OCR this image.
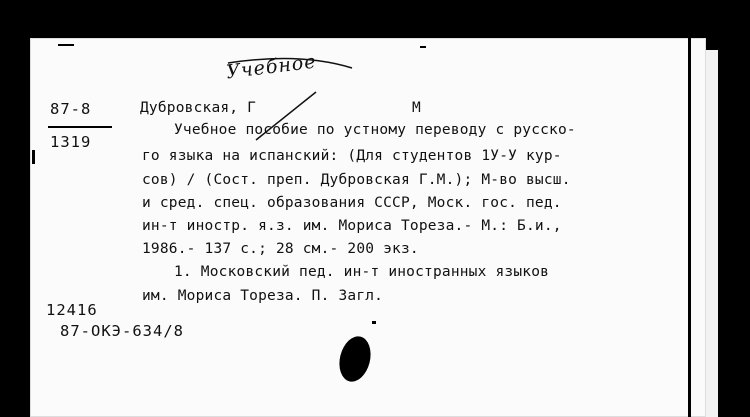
Учебное
87-8
1319
Дубровская, Г	М
Учебное пособие по устному переводу с русско-
го языка на испанский: (Для студентов 1У-У кур-
сов) / (Сост. преп. Дубровская Г.М.); М-во высш.
и сред. спец. образования СССР, Моск. гос. пед.
ин-т иностр. я.з. им. Мориса Тореза.- М.: Б.и.,
1986.- 137 с.; 28 см.- 200 экз.
1. Московский пед. ин-т иностранных языков
им. Мориса Тореза. П. Загл.
12416
87-ОКЭ-634/8
